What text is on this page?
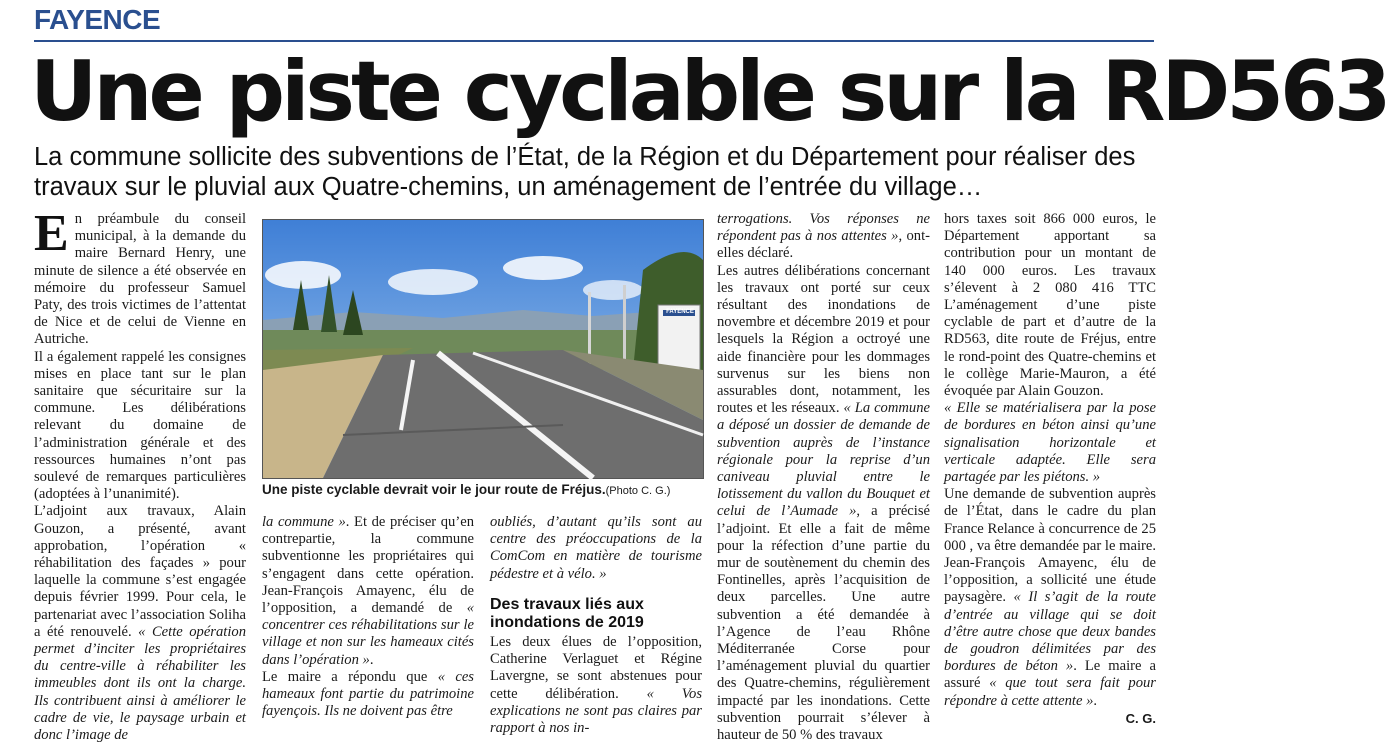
FAYENCE
Une piste cyclable sur la RD563
La commune sollicite des subventions de l’État, de la Région et du Département pour réaliser des travaux sur le pluvial aux Quatre-chemins, un aménagement de l’entrée du village…
E n préambule du conseil municipal, à la demande du maire Bernard Henry, une minute de silence a été observée en mémoire du professeur Samuel Paty, des trois victimes de l’attentat de Nice et de celui de Vienne en Autriche.

Il a également rappelé les consignes mises en place tant sur le plan sanitaire que sécuritaire sur la commune. Les délibérations relevant du domaine de l’administration générale et des ressources humaines n’ont pas soulevé de remarques particulières (adoptées à l’unanimité).

L’adjoint aux travaux, Alain Gouzon, a présenté, avant approbation, l’opération « réhabilitation des façades » pour laquelle la commune s’est engagée depuis février 1999. Pour cela, le partenariat avec l’association Soliha a été renouvelé. « Cette opération permet d’inciter les propriétaires du centre-ville à réhabiliter les immeubles dont ils ont la charge. Ils contribuent ainsi à améliorer le cadre de vie, le paysage urbain et donc l’image de

FAYENCE
Une piste cyclable devrait voir le jour route de Fréjus.(Photo C. G.)

la commune ». Et de préciser qu’en contrepartie, la commune subventionne les propriétaires qui s’engagent dans cette opération. Jean-François Amayenc, élu de l’opposition, a demandé de « concentrer ces réhabilitations sur le village et non sur les hameaux cités dans l’opération ».

Le maire a répondu que « ces hameaux font partie du patrimoine fayençois. Ils ne doivent pas être

oubliés, d’autant qu’ils sont au centre des préoccupations de la ComCom en matière de tourisme pédestre et à vélo. »

Des travaux liés aux inondations de 2019

Les deux élues de l’opposition, Catherine Verlaguet et Régine Lavergne, se sont abstenues pour cette délibération. « Vos explications ne sont pas claires par rapport à nos in-

terrogations. Vos réponses ne répondent pas à nos attentes », ont-elles déclaré.

Les autres délibérations concernant les travaux ont porté sur ceux résultant des inondations de novembre et décembre 2019 et pour lesquels la Région a octroyé une aide financière pour les dommages survenus sur les biens non assurables dont, notamment, les routes et les réseaux. « La commune a déposé un dossier de demande de subvention auprès de l’instance régionale pour la reprise d’un caniveau pluvial entre le lotissement du vallon du Bouquet et celui de l’Aumade », a précisé l’adjoint. Et elle a fait de même pour la réfection d’une partie du mur de soutènement du chemin des Fontinelles, après l’acquisition de deux parcelles. Une autre subvention a été demandée à l’Agence de l’eau Rhône Méditerranée Corse pour l’aménagement pluvial du quartier des Quatre-chemins, régulièrement impacté par les inondations. Cette subvention pourrait s’élever à hauteur de 50 % des travaux

hors taxes soit 866 000 euros, le Département apportant sa contribution pour un montant de 140 000 euros. Les travaux s’élevent à 2 080 416 TTC L’aménagement d’une piste cyclable de part et d’autre de la RD563, dite route de Fréjus, entre le rond-point des Quatre-chemins et le collège Marie-Mauron, a été évoquée par Alain Gouzon.

« Elle se matérialisera par la pose de bordures en béton ainsi qu’une signalisation horizontale et verticale adaptée. Elle sera partagée par les piétons. »

Une demande de subvention auprès de l’État, dans le cadre du plan France Relance à concurrence de 25 000 , va être demandée par le maire. Jean-François Amayenc, élu de l’opposition, a sollicité une étude paysagère. « Il s’agit de la route d’entrée au village qui se doit d’être autre chose que deux bandes de goudron délimitées par des bordures de béton ». Le maire a assuré « que tout sera fait pour répondre à cette attente ».

C. G.
